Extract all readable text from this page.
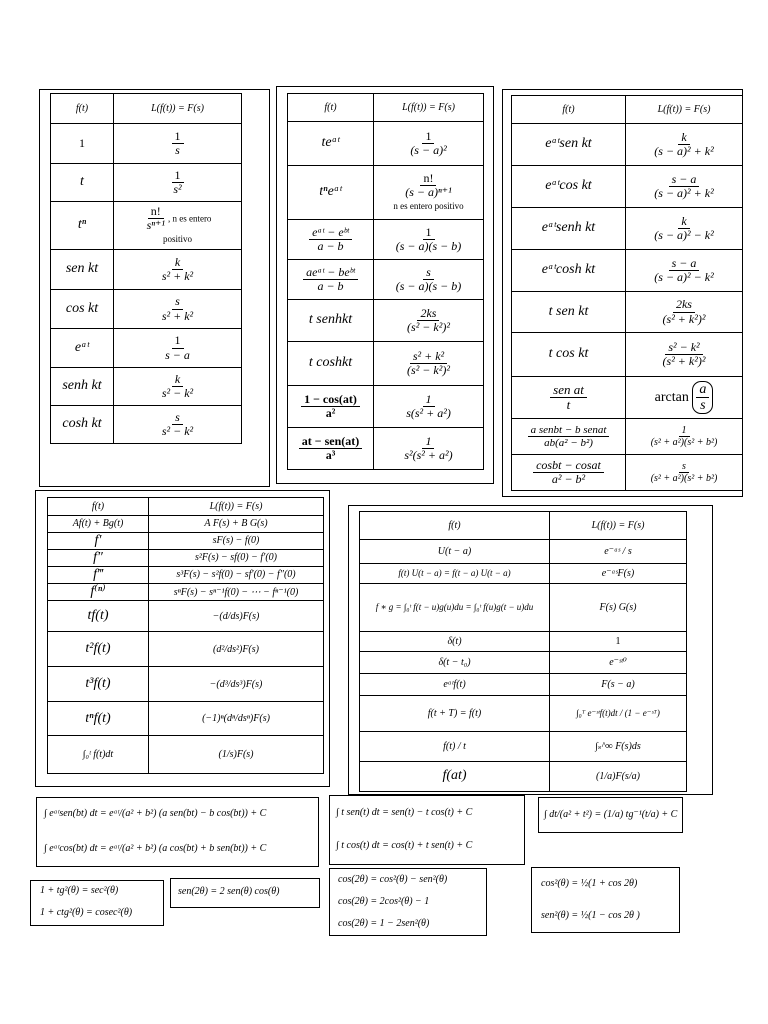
f(t)	L(f(t)) = F(s)
1	$\frac{1}{s}$

t	$\frac{1}{\text{s²}}$

tⁿ	$\frac{n!}{\text{sⁿ⁺¹}}$ , n es entero
positivo
sen kt	$\frac{k}{\text{s² + k²}}$

cos kt	$\frac{s}{\text{s² + k²}}$

eᵃᵗ	$\frac{1}{s - a}$

senh kt	$\frac{k}{\text{s² − k²}}$

cosh kt	$\frac{s}{\text{s² − k²}}$
f(t)	L(f(t)) = F(s)
teᵃᵗ	$\frac{1}{\text{(s − a)²}}$

tⁿeᵃᵗ	$\frac{n!}{\text{(s − a)ⁿ⁺¹}}$

n es entero positivo

eᵃᵗ − eᵇᵗ
a − b	$\frac{1}{(s - a)(s - b)}$

aeᵃᵗ − beᵇᵗ
a − b	$\frac{s}{(s - a)(s - b)}$

t senhkt	$\frac{2ks}{\text{(s² − k²)²}}$

t coshkt	$\frac{\text{s² + k²}}{\text{(s² − k²)²}}$

$\frac{1 - \cos(at)}{\text{a²}}$	$\frac{1}{\text{s(s² + a²)}}$

at − sen(at)
a³	$\frac{1}{\text{s²(s² + a²)}}$
f(t)	L(f(t)) = F(s)
eᵃᵗsen kt	$\frac{k}{\text{(s − a)² + k²}}$

eᵃᵗcos kt	$\frac{s - a}{\text{(s − a)² + k²}}$

eᵃᵗsenh kt	$\frac{k}{\text{(s − a)² − k²}}$

eᵃᵗcosh kt	$\frac{s - a}{\text{(s − a)² − k²}}$

t sen kt	$\frac{2ks}{\text{(s² + k²)²}}$

t cos kt	$\frac{\text{s² − k²}}{\text{(s² + k²)²}}$

sen at
t	$\arctan \frac{a}{s}$

a senbt − b senat
ab(a² − b²)	$\frac{1}{\text{(s² + a²)(s² + b²)}}$

$\frac{\text{cosbt − cosat}}{\text{a² − b²}}$	$\frac{s}{\text{(s² + a²)(s² + b²)}}$
f(t)	L(f(t)) = F(s)
Af(t) + Bg(t)	A F(s) + B G(s)
f′	sF(s) − f(0)
f″	s²F(s) − sf(0) − f′(0)
f‴	s³F(s) − s²f(0) − sf′(0) − f″(0)
f⁽ⁿ⁾	sⁿF(s) − sⁿ⁻¹f(0) − ⋯ − fⁿ⁻¹(0)
tf(t)	−(d/ds)F(s)
t²f(t)	(d²/ds²)F(s)
t³f(t)	−(d³/ds³)F(s)
tⁿf(t)	(−1)ⁿ(dⁿ/dsⁿ)F(s)
∫₀ᵗ f(t)dt	(1/s)F(s)
f(t)	L(f(t)) = F(s)
U(t − a)	e⁻ᵃˢ / s
f(t) U(t − a) = f(t − a) U(t − a)	e⁻ᵃˢF(s)
f ∗ g = ∫₀ᵗ f(t − u)g(u)du = ∫₀ᵗ f(u)g(t − u)du	F(s) G(s)
δ(t)	1
δ(t − t₀)	e⁻ˢᵗ⁰
eᵃᵗf(t)	F(s − a)
f(t + T) = f(t)	∫₀ᵀ e⁻ˢᵗf(t)dt / (1 − e⁻ˢᵀ)
f(t) / t	∫ₛ^∞ F(s)ds
f(at)	(1/a)F(s/a)
∫ eᵃᵗsen(bt) dt = eᵃᵗ/(a² + b²) (a sen(bt) − b cos(bt)) + C
∫ eᵃᵗcos(bt) dt = eᵃᵗ/(a² + b²) (a cos(bt) + b sen(bt)) + C
∫ t sen(t) dt = sen(t) − t cos(t) + C
∫ t cos(t) dt = cos(t) + t sen(t) + C
∫ dt/(a² + t²) = (1/a) tg⁻¹(t/a) + C
1 + tg²(θ) = sec²(θ)
1 + ctg²(θ) = cosec²(θ)
sen(2θ) = 2 sen(θ) cos(θ)
cos(2θ) = cos²(θ) − sen²(θ)
cos(2θ) = 2cos²(θ) − 1
cos(2θ) = 1 − 2sen²(θ)
cos²(θ) = ½(1 + cos 2θ)
sen²(θ) = ½(1 − cos 2θ )
